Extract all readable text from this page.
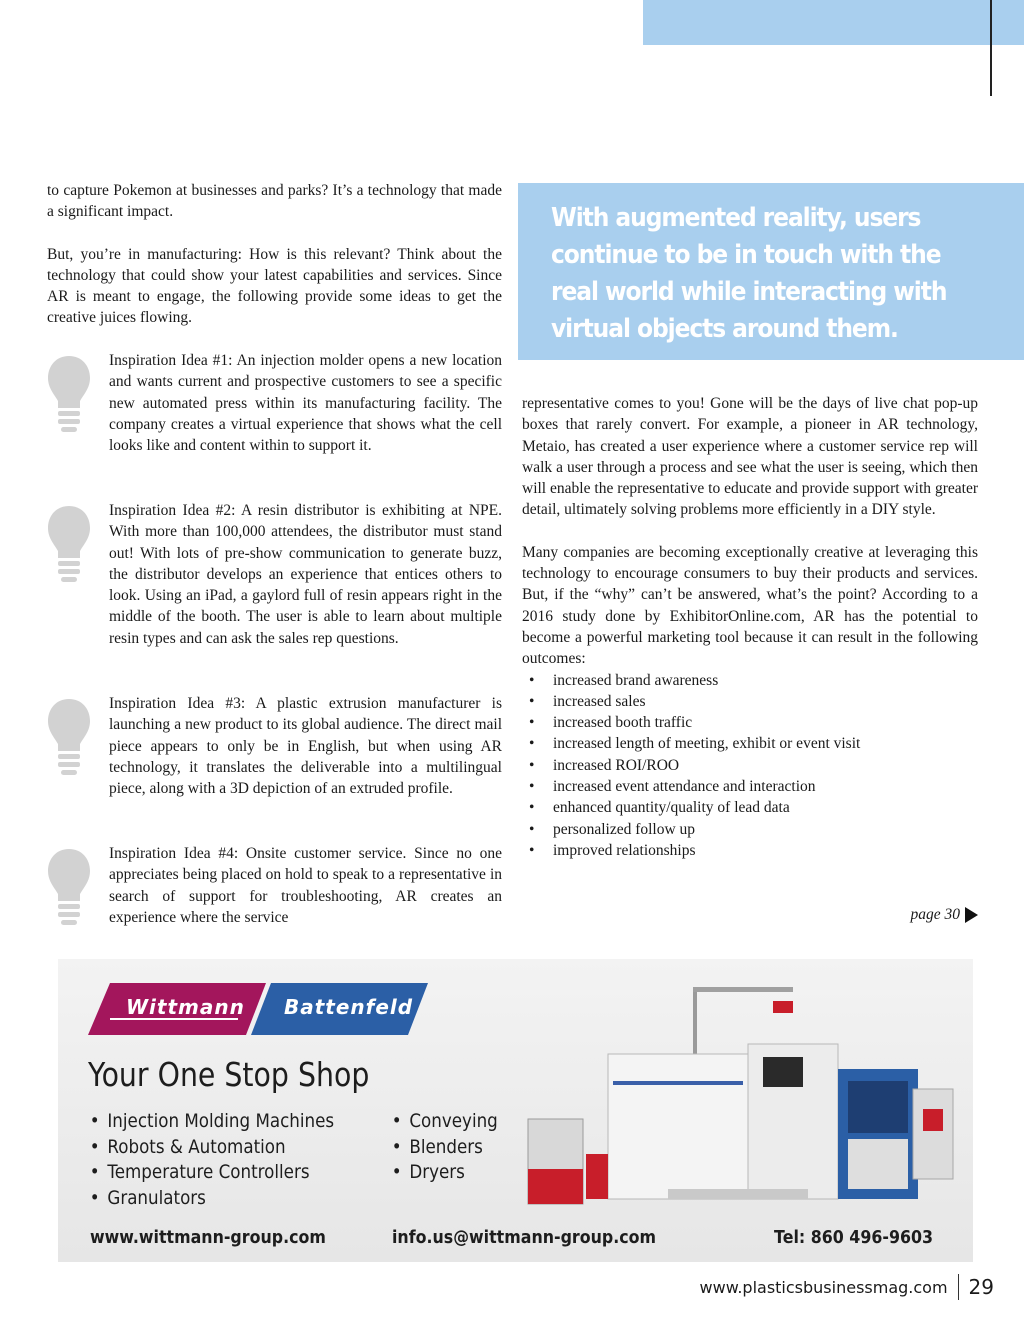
to capture Pokemon at businesses and parks? It’s a technology that made a significant impact.

But, you’re in manufacturing: How is this relevant? Think about the technology that could show your latest capabilities and services. Since AR is meant to engage, the following provide some ideas to get the creative juices flowing.

Inspiration Idea #1: An injection molder opens a new location and wants current and prospective customers to see a specific new automated press within its manufacturing facility. The company creates a virtual experience that shows what the cell looks like and content within to support it.

Inspiration Idea #2: A resin distributor is exhibiting at NPE. With more than 100,000 attendees, the distributor must stand out! With lots of pre-show communication to generate buzz, the distributor develops an experience that entices others to look. Using an iPad, a gaylord full of resin appears right in the middle of the booth. The user is able to learn about multiple resin types and can ask the sales rep questions.

Inspiration Idea #3: A plastic extrusion manufacturer is launching a new product to its global audience. The direct mail piece appears to only be in English, but when using AR technology, it translates the deliverable into a multilingual piece, along with a 3D depiction of an extruded profile.

Inspiration Idea #4: Onsite customer service. Since no one appreciates being placed on hold to speak to a representative in search of support for troubleshooting, AR creates an experience where the service

With augmented reality, users continue to be in touch with the real world while interacting with virtual objects around them.

representative comes to you! Gone will be the days of live chat pop-up boxes that rarely convert. For example, a pioneer in AR technology, Metaio, has created a user experience where a customer service rep will walk a user through a process and see what the user is seeing, which then will enable the representative to educate and provide support with greater detail, ultimately solving problems more efficiently in a DIY style.

Many companies are becoming exceptionally creative at leveraging this technology to encourage consumers to buy their products and services. But, if the “why” can’t be answered, what’s the point? According to a 2016 study done by ExhibitorOnline.com, AR has the potential to become a powerful marketing tool because it can result in the following outcomes:

• increased brand awareness
• increased sales
• increased booth traffic
• increased length of meeting, exhibit or event visit
• increased ROI/ROO
• increased event attendance and interaction
• enhanced quantity/quality of lead data
• personalized follow up
• improved relationships
page 30
Wittmann Battenfeld
Your One Stop Shop
• Injection Molding Machines
• Robots & Automation
• Temperature Controllers
• Granulators
• Conveying
• Blenders
• Dryers
www.wittmann-group.com	info.us@wittmann-group.com	Tel: 860 496-9603
www.plasticsbusinessmag.com 29
